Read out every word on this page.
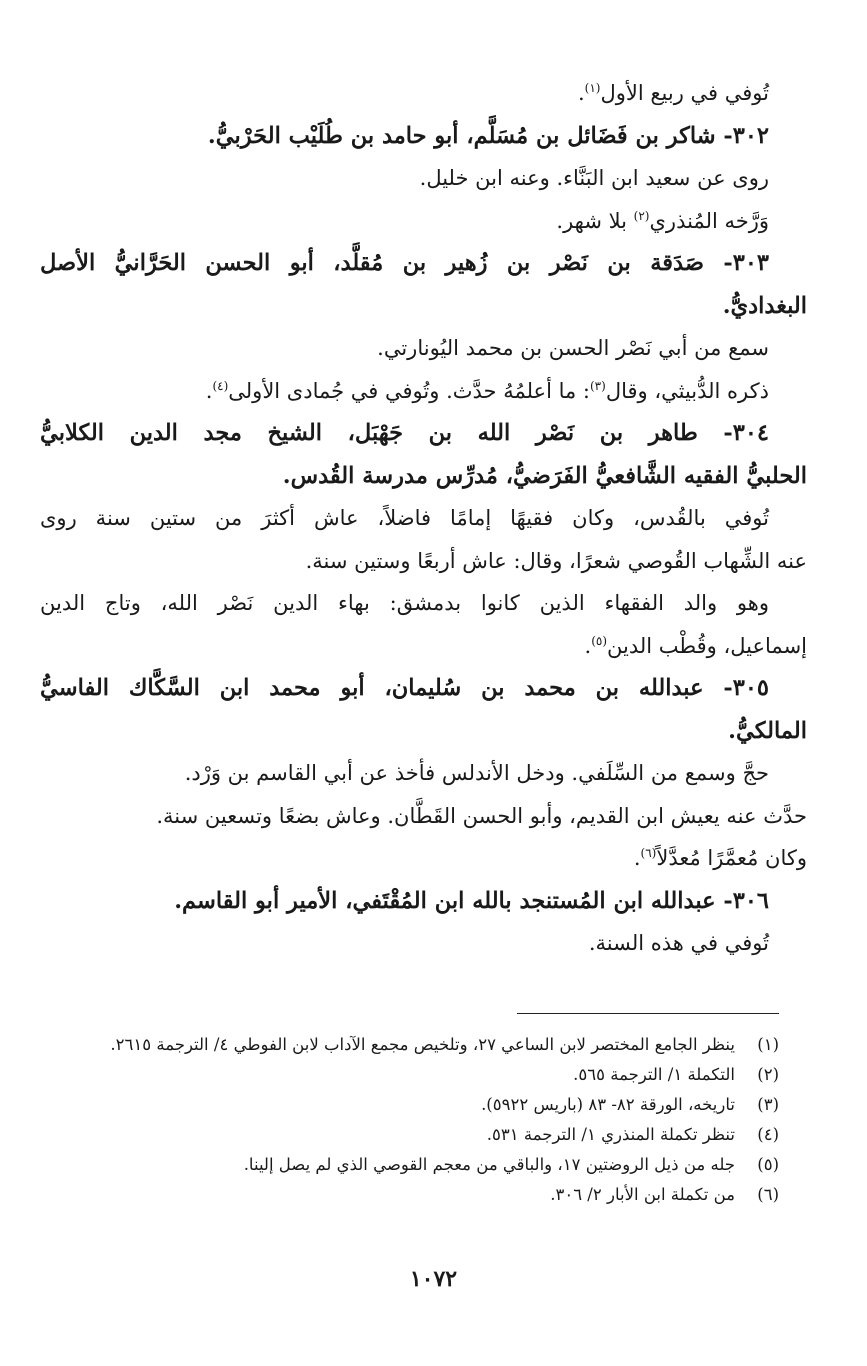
تُوفي في ربيع الأول$^{(١)}$.
٣٠٢- شاكر بن فَضَائل بن مُسَلَّم، أبو حامد بن طُلَيْب الحَرْبيُّ.
روى عن سعيد ابن البَنَّاء. وعنه ابن خليل.
وَرَّخه المُنذري$^{(٢)}$ بلا شهر.
٣٠٣- صَدَقة بن نَصْر بن زُهير بن مُقلَّد، أبو الحسن الحَرَّانيُّ الأصل
البغداديُّ.
سمع من أبي نَصْر الحسن بن محمد اليُونارتي.
ذكره الدُّبيثي، وقال$^{(٣)}$: ما أعلمُهُ حدَّث. وتُوفي في جُمادى الأولى$^{(٤)}$.
٣٠٤- طاهر بن نَصْر الله بن جَهْبَل، الشيخ مجد الدين الكلابيُّ
الحلبيُّ الفقيه الشَّافعيُّ الفَرَضيُّ، مُدرِّس مدرسة القُدس.
تُوفي بالقُدس، وكان فقيهًا إمامًا فاضلاً، عاش أكثرَ من ستين سنة روى
عنه الشِّهاب القُوصي شعرًا، وقال: عاش أربعًا وستين سنة.
وهو والد الفقهاء الذين كانوا بدمشق: بهاء الدين نَصْر الله، وتاج الدين
إسماعيل، وقُطْب الدين$^{(٥)}$.
٣٠٥- عبدالله بن محمد بن سُليمان، أبو محمد ابن السَّكَّاك الفاسيُّ
المالكيُّ.
حجَّ وسمع من السِّلَفي. ودخل الأندلس فأخذ عن أبي القاسم بن وَرْد.
حدَّث عنه يعيش ابن القديم، وأبو الحسن القَطَّان. وعاش بضعًا وتسعين سنة.
وكان مُعمَّرًا مُعدَّلاً$^{(٦)}$.
٣٠٦- عبدالله ابن المُستنجد بالله ابن المُقْتَفي، الأمير أبو القاسم.
تُوفي في هذه السنة.
(١)
ينظر الجامع المختصر لابن الساعي ٢٧، وتلخيص مجمع الآداب لابن الفوطي ٤/ الترجمة ٢٦١٥.
(٢)
التكملة ١/ الترجمة ٥٦٥.
(٣)
تاريخه، الورقة ٨٢- ٨٣ (باريس ٥٩٢٢).
(٤)
تنظر تكملة المنذري ١/ الترجمة ٥٣١.
(٥)
جله من ذيل الروضتين ١٧، والباقي من معجم القوصي الذي لم يصل إلينا.
(٦)
من تكملة ابن الأبار ٢/ ٣٠٦.
١٠٧٢
